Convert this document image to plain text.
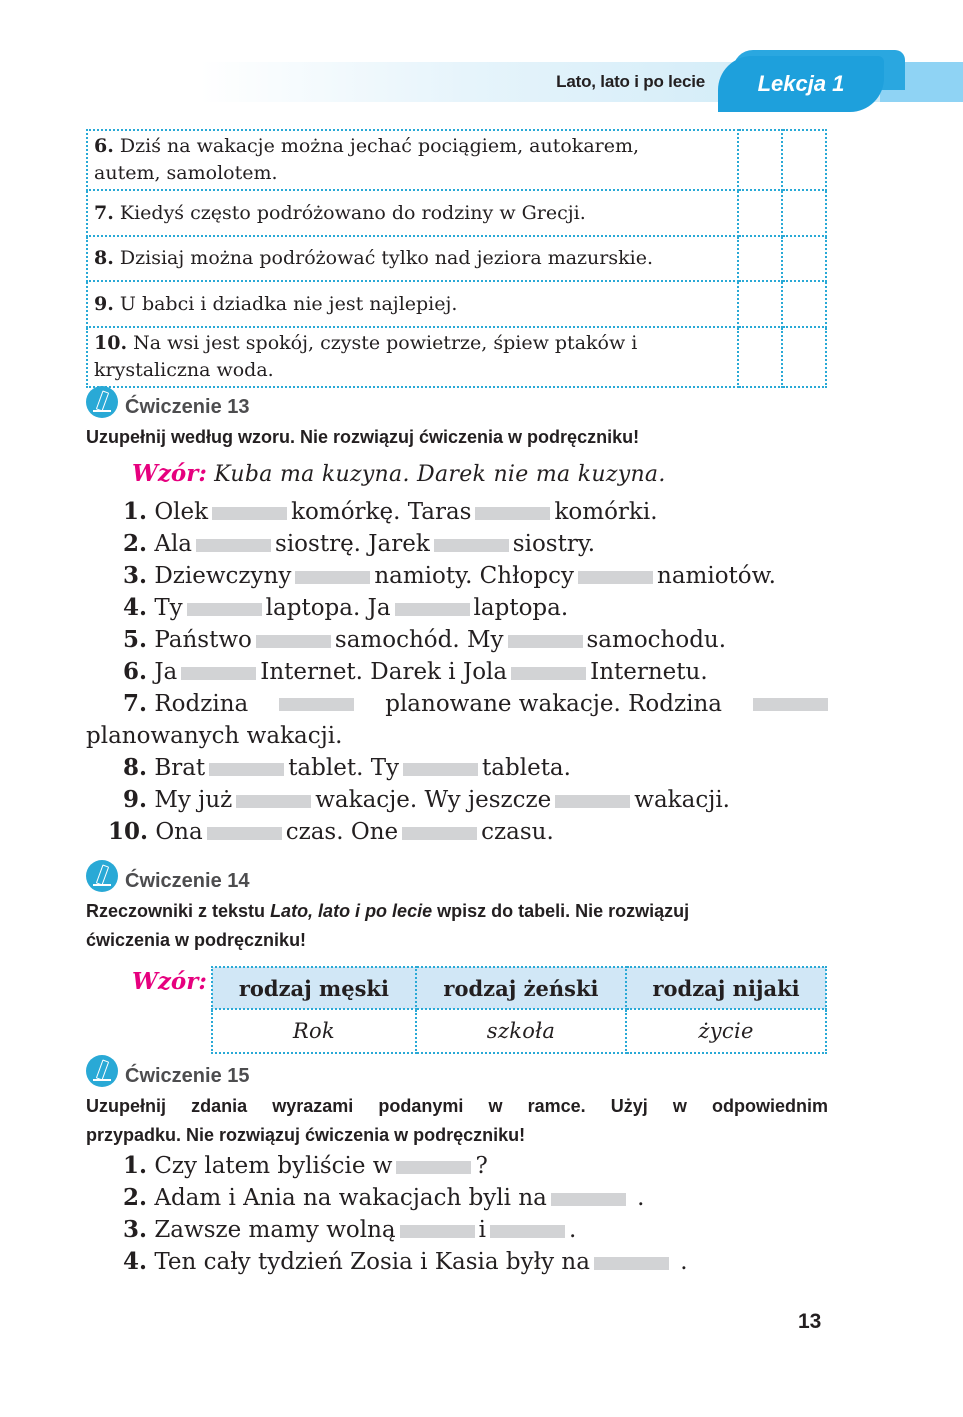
Lato, lato i po lecie Lekcja 1
6. Dziś na wakacje można jechać pociągiem, autokarem,
autem, samolotem.		
7. Kiedyś często podróżowano do rodziny w Grecji.		
8. Dzisiaj można podróżować tylko nad jeziora mazurskie.		
9. U babci i dziadka nie jest najlepiej.		
10. Na wsi jest spokój, czyste powietrze, śpiew ptaków i
krystaliczna woda.		
Ćwiczenie 13
Uzupełnij według wzoru. Nie rozwiązuj ćwiczenia w podręczniku!
Wzór: Kuba ma kuzyna. Darek nie ma kuzyna.
1. Olek	komórkę. Taras	komórki.
2. Ala	siostrę. Jarek	siostry.
3. Dziewczyny	namioty. Chłopcy	namiotów.
4. Ty	laptopa. Ja	laptopa.
5. Państwo	samochód. My	samochodu.
6. Ja	Internet. Darek i Jola	Internetu.
7. Rodzina	planowane wakacje. Rodzina
planowanych wakacji.
8. Brat	tablet. Ty	tableta.
9. My już	wakacje. Wy jeszcze	wakacji.
10. Ona	czas. One	czasu.
Ćwiczenie 14
Rzeczowniki z tekstu Lato, lato i po lecie wpisz do tabeli. Nie rozwiązuj
ćwiczenia w podręczniku!
Wzór: rodzaj męski	rodzaj żeński	rodzaj nijaki
Rok	szkoła	życie
Ćwiczenie 15
Uzupełnij zdania wyrazami podanymi w ramce. Użyj w odpowiednim
przypadku. Nie rozwiązuj ćwiczenia w podręczniku!
1. Czy latem byliście w	?
2. Adam i Ania na wakacjach byli na	.
3. Zawsze mamy wolną	i	.
4. Ten cały tydzień Zosia i Kasia były na	.
13
